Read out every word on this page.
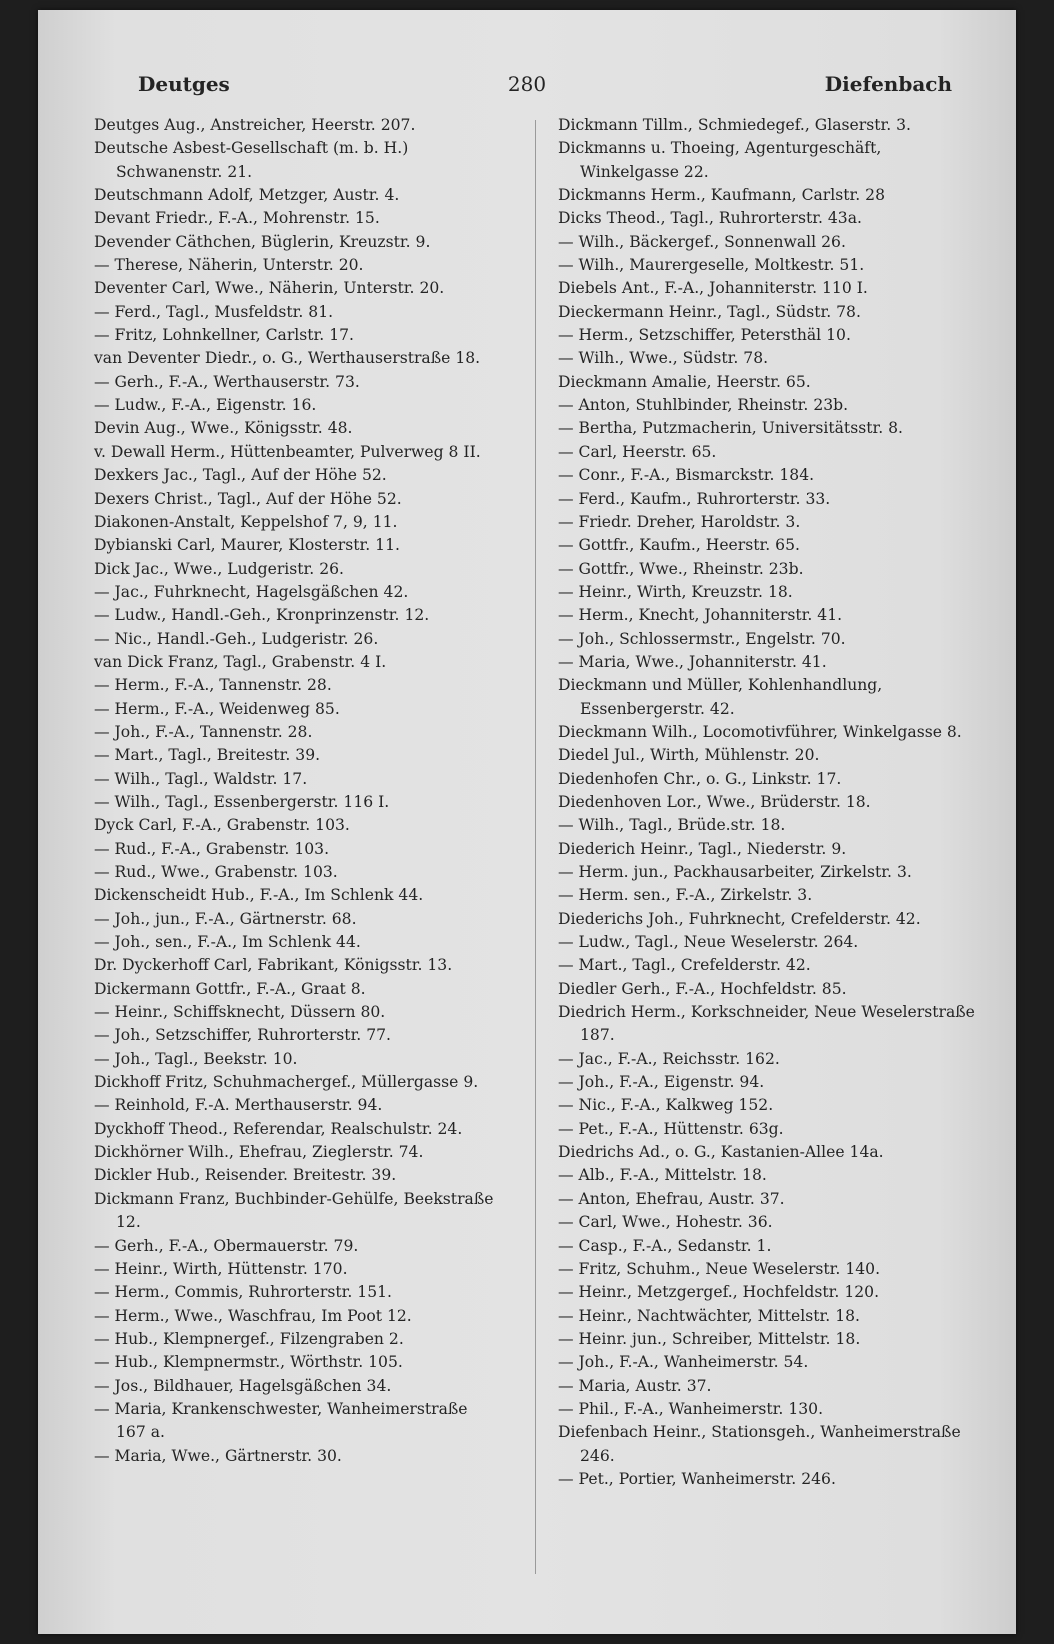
Deutges	280	Diefenbach

Deutges Aug., Anstreicher, Heerstr. 207.

Deutsche Asbest-Gesellschaft (m. b. H.) Schwanenstr. 21.

Deutschmann Adolf, Metzger, Austr. 4.

Devant Friedr., F.-A., Mohrenstr. 15.

Devender Cäthchen, Büglerin, Kreuzstr. 9.

— Therese, Näherin, Unterstr. 20.

Deventer Carl, Wwe., Näherin, Unterstr. 20.

— Ferd., Tagl., Musfeldstr. 81.

— Fritz, Lohnkellner, Carlstr. 17.

van Deventer Diedr., o. G., Werthauserstraße 18.

— Gerh., F.-A., Werthauserstr. 73.

— Ludw., F.-A., Eigenstr. 16.

Devin Aug., Wwe., Königsstr. 48.

v. Dewall Herm., Hüttenbeamter, Pulverweg 8 II.

Dexkers Jac., Tagl., Auf der Höhe 52.

Dexers Christ., Tagl., Auf der Höhe 52.

Diakonen-Anstalt, Keppelshof 7, 9, 11.

Dybianski Carl, Maurer, Klosterstr. 11.

Dick Jac., Wwe., Ludgeristr. 26.

— Jac., Fuhrknecht, Hagelsgäßchen 42.

— Ludw., Handl.-Geh., Kronprinzenstr. 12.

— Nic., Handl.-Geh., Ludgeristr. 26.

van Dick Franz, Tagl., Grabenstr. 4 I.

— Herm., F.-A., Tannenstr. 28.

— Herm., F.-A., Weidenweg 85.

— Joh., F.-A., Tannenstr. 28.

— Mart., Tagl., Breitestr. 39.

— Wilh., Tagl., Waldstr. 17.

— Wilh., Tagl., Essenbergerstr. 116 I.

Dyck Carl, F.-A., Grabenstr. 103.

— Rud., F.-A., Grabenstr. 103.

— Rud., Wwe., Grabenstr. 103.

Dickenscheidt Hub., F.-A., Im Schlenk 44.

— Joh., jun., F.-A., Gärtnerstr. 68.

— Joh., sen., F.-A., Im Schlenk 44.

Dr. Dyckerhoff Carl, Fabrikant, Königsstr. 13.

Dickermann Gottfr., F.-A., Graat 8.

— Heinr., Schiffsknecht, Düssern 80.

— Joh., Setzschiffer, Ruhrorterstr. 77.

— Joh., Tagl., Beekstr. 10.

Dickhoff Fritz, Schuhmachergef., Müllergasse 9.

— Reinhold, F.-A. Merthauserstr. 94.

Dyckhoff Theod., Referendar, Realschulstr. 24.

Dickhörner Wilh., Ehefrau, Zieglerstr. 74.

Dickler Hub., Reisender. Breitestr. 39.

Dickmann Franz, Buchbinder-Gehülfe, Beekstraße 12.

— Gerh., F.-A., Obermauerstr. 79.

— Heinr., Wirth, Hüttenstr. 170.

— Herm., Commis, Ruhrorterstr. 151.

— Herm., Wwe., Waschfrau, Im Poot 12.

— Hub., Klempnergef., Filzengraben 2.

— Hub., Klempnermstr., Wörthstr. 105.

— Jos., Bildhauer, Hagelsgäßchen 34.

— Maria, Krankenschwester, Wanheimerstraße 167 a.

— Maria, Wwe., Gärtnerstr. 30.

Dickmann Tillm., Schmiedegef., Glaserstr. 3.

Dickmanns u. Thoeing, Agenturgeschäft, Winkelgasse 22.

Dickmanns Herm., Kaufmann, Carlstr. 28

Dicks Theod., Tagl., Ruhrorterstr. 43a.

— Wilh., Bäckergef., Sonnenwall 26.

— Wilh., Maurergeselle, Moltkestr. 51.

Diebels Ant., F.-A., Johanniterstr. 110 I.

Dieckermann Heinr., Tagl., Südstr. 78.

— Herm., Setzschiffer, Petersthäl 10.

— Wilh., Wwe., Südstr. 78.

Dieckmann Amalie, Heerstr. 65.

— Anton, Stuhlbinder, Rheinstr. 23b.

— Bertha, Putzmacherin, Universitätsstr. 8.

— Carl, Heerstr. 65.

— Conr., F.-A., Bismarckstr. 184.

— Ferd., Kaufm., Ruhrorterstr. 33.

— Friedr. Dreher, Haroldstr. 3.

— Gottfr., Kaufm., Heerstr. 65.

— Gottfr., Wwe., Rheinstr. 23b.

— Heinr., Wirth, Kreuzstr. 18.

— Herm., Knecht, Johanniterstr. 41.

— Joh., Schlossermstr., Engelstr. 70.

— Maria, Wwe., Johanniterstr. 41.

Dieckmann und Müller, Kohlenhandlung, Essenbergerstr. 42.

Dieckmann Wilh., Locomotivführer, Winkelgasse 8.

Diedel Jul., Wirth, Mühlenstr. 20.

Diedenhofen Chr., o. G., Linkstr. 17.

Diedenhoven Lor., Wwe., Brüderstr. 18.

— Wilh., Tagl., Brüde.str. 18.

Diederich Heinr., Tagl., Niederstr. 9.

— Herm. jun., Packhausarbeiter, Zirkelstr. 3.

— Herm. sen., F.-A., Zirkelstr. 3.

Diederichs Joh., Fuhrknecht, Crefelderstr. 42.

— Ludw., Tagl., Neue Weselerstr. 264.

— Mart., Tagl., Crefelderstr. 42.

Diedler Gerh., F.-A., Hochfeldstr. 85.

Diedrich Herm., Korkschneider, Neue Weselerstraße 187.

— Jac., F.-A., Reichsstr. 162.

— Joh., F.-A., Eigenstr. 94.

— Nic., F.-A., Kalkweg 152.

— Pet., F.-A., Hüttenstr. 63g.

Diedrichs Ad., o. G., Kastanien-Allee 14a.

— Alb., F.-A., Mittelstr. 18.

— Anton, Ehefrau, Austr. 37.

— Carl, Wwe., Hohestr. 36.

— Casp., F.-A., Sedanstr. 1.

— Fritz, Schuhm., Neue Weselerstr. 140.

— Heinr., Metzgergef., Hochfeldstr. 120.

— Heinr., Nachtwächter, Mittelstr. 18.

— Heinr. jun., Schreiber, Mittelstr. 18.

— Joh., F.-A., Wanheimerstr. 54.

— Maria, Austr. 37.

— Phil., F.-A., Wanheimerstr. 130.

Diefenbach Heinr., Stationsgeh., Wanheimerstraße 246.

— Pet., Portier, Wanheimerstr. 246.
